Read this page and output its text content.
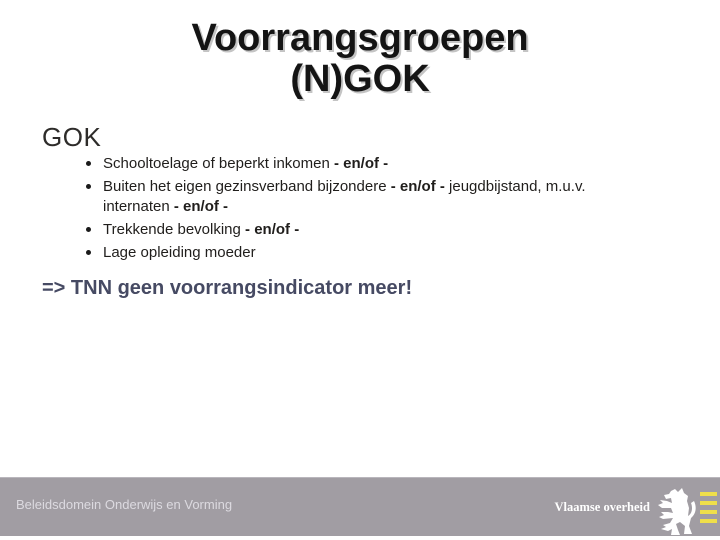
Voorrangsgroepen
(N)GOK
GOK
Schooltoelage of beperkt inkomen - en/of -
Buiten het eigen gezinsverband bijzondere - en/of - jeugdbijstand, m.u.v. internaten - en/of -
Trekkende bevolking - en/of -
Lage opleiding moeder
=> TNN geen voorrangsindicator meer!
Beleidsdomein Onderwijs en Vorming	Vlaamse overheid
